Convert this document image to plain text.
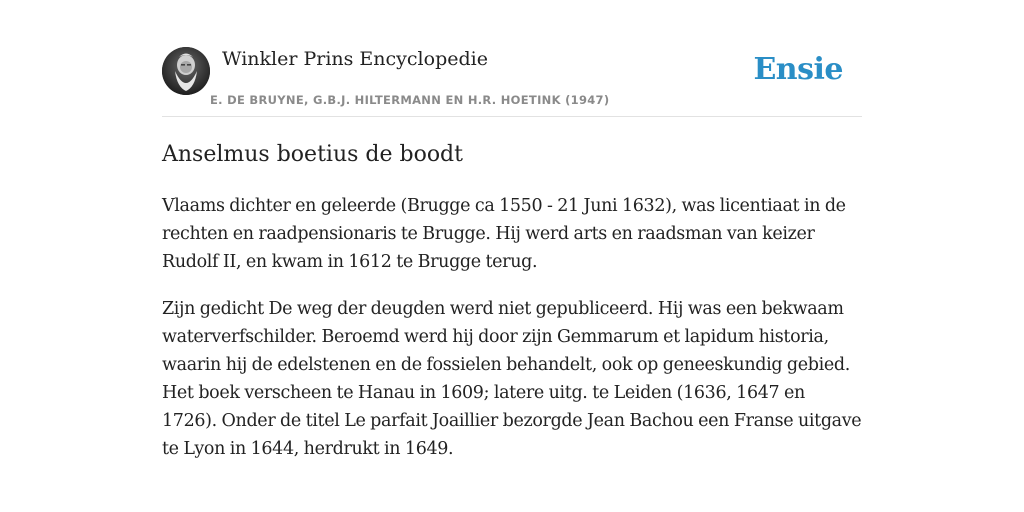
Winkler Prins Encyclopedie
E. DE BRUYNE, G.B.J. HILTERMANN EN H.R. HOETINK (1947)
Ensie
Anselmus boetius de boodt

Vlaams dichter en geleerde (Brugge ca 1550 - 21 Juni 1632), was licentiaat in de rechten en raadpensionaris te Brugge. Hij werd arts en raadsman van keizer Rudolf II, en kwam in 1612 te Brugge terug.

Zijn gedicht De weg der deugden werd niet gepubliceerd. Hij was een bekwaam waterverfschilder. Beroemd werd hij door zijn Gemmarum et lapidum historia, waarin hij de edelstenen en de fossielen behandelt, ook op geneeskundig gebied. Het boek verscheen te Hanau in 1609; latere uitg. te Leiden (1636, 1647 en 1726). Onder de titel Le parfait Joaillier bezorgde Jean Bachou een Franse uitgave te Lyon in 1644, herdrukt in 1649.
